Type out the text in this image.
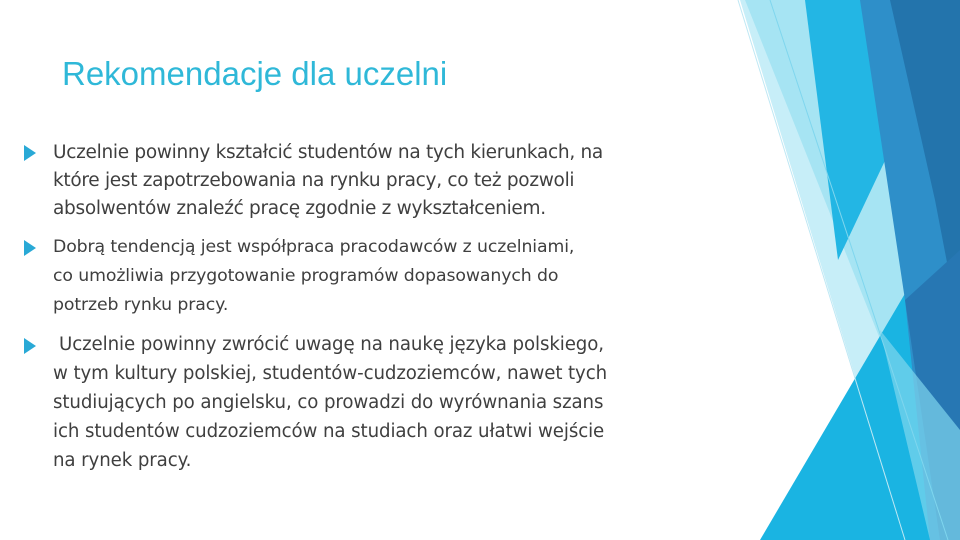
Rekomendacje dla uczelni

Uczelnie powinny kształcić studentów na tych kierunkach, na
które jest zapotrzebowania na rynku pracy, co też pozwoli
absolwentów znaleźć pracę zgodnie z wykształceniem.

Dobrą tendencją jest współpraca pracodawców z uczelniami,
co umożliwia przygotowanie programów dopasowanych do
potrzeb rynku pracy.

Uczelnie powinny zwrócić uwagę na naukę języka polskiego,
w tym kultury polskiej, studentów-cudzoziemców, nawet tych
studiujących po angielsku, co prowadzi do wyrównania szans
ich studentów cudzoziemców na studiach oraz ułatwi wejście
na rynek pracy.
